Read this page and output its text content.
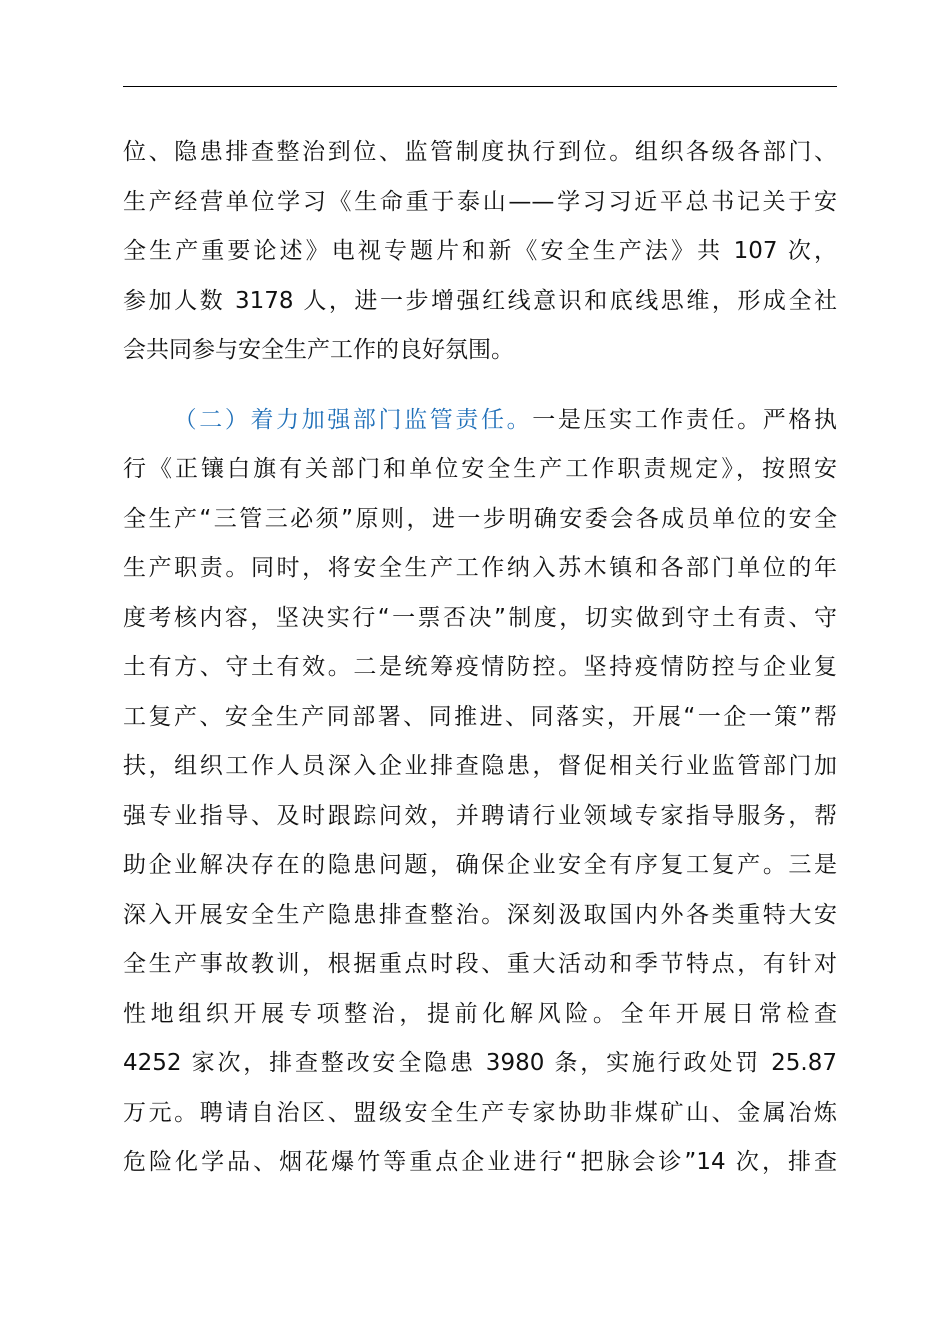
位、隐患排查整治到位、监管制度执行到位。组织各级各部门、
生产经营单位学习《生命重于泰山——学习习近平总书记关于安
全生产重要论述》电视专题片和新《安全生产法》共 107 次，
参加人数 3178 人，进一步增强红线意识和底线思维，形成全社
会共同参与安全生产工作的良好氛围。
（二）着力加强部门监管责任。一是压实工作责任。严格执
行《正镶白旗有关部门和单位安全生产工作职责规定》，按照安
全生产“三管三必须”原则，进一步明确安委会各成员单位的安全
生产职责。同时，将安全生产工作纳入苏木镇和各部门单位的年
度考核内容，坚决实行“一票否决”制度，切实做到守土有责、守
土有方、守土有效。二是统筹疫情防控。坚持疫情防控与企业复
工复产、安全生产同部署、同推进、同落实，开展“一企一策”帮
扶，组织工作人员深入企业排查隐患，督促相关行业监管部门加
强专业指导、及时跟踪问效，并聘请行业领域专家指导服务，帮
助企业解决存在的隐患问题，确保企业安全有序复工复产。三是
深入开展安全生产隐患排查整治。深刻汲取国内外各类重特大安
全生产事故教训，根据重点时段、重大活动和季节特点，有针对
性地组织开展专项整治，提前化解风险。全年开展日常检查
4252 家次，排查整改安全隐患 3980 条，实施行政处罚 25.87
万元。聘请自治区、盟级安全生产专家协助非煤矿山、金属冶炼
危险化学品、烟花爆竹等重点企业进行“把脉会诊”14 次，排查
